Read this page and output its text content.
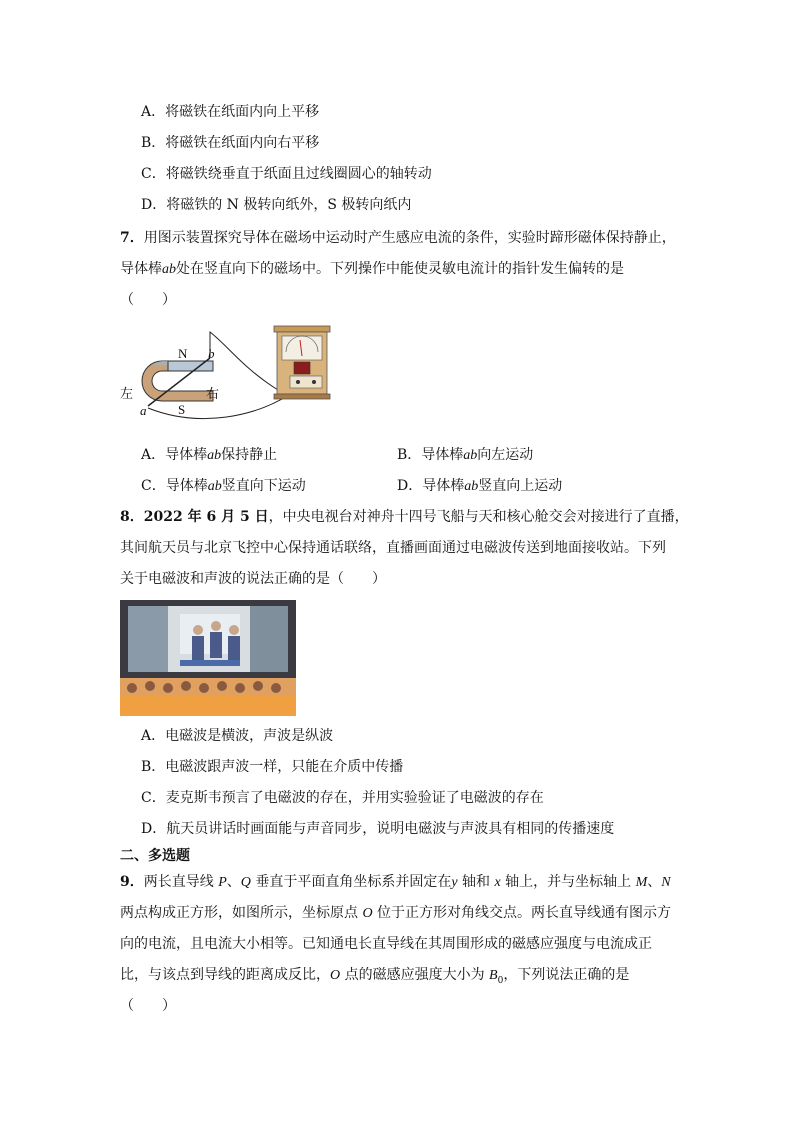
A．将磁铁在纸面内向上平移
B．将磁铁在纸面内向右平移
C．将磁铁绕垂直于纸面且过线圈圆心的轴转动
D．将磁铁的 N 极转向纸外，S 极转向纸内
7．用图示装置探究导体在磁场中运动时产生感应电流的条件，实验时蹄形磁体保持静止，
导体棒ab处在竖直向下的磁场中。下列操作中能使灵敏电流计的指针发生偏转的是
（　　）
N
S
左	右
a
b
A．导体棒ab保持静止	B．导体棒ab向左运动
C．导体棒ab竖直向下运动	D．导体棒ab竖直向上运动
8．2022 年 6 月 5 日，中央电视台对神舟十四号飞船与天和核心舱交会对接进行了直播，
其间航天员与北京飞控中心保持通话联络，直播画面通过电磁波传送到地面接收站。下列
关于电磁波和声波的说法正确的是（　　）
A．电磁波是横波，声波是纵波
B．电磁波跟声波一样，只能在介质中传播
C．麦克斯韦预言了电磁波的存在，并用实验验证了电磁波的存在
D．航天员讲话时画面能与声音同步，说明电磁波与声波具有相同的传播速度
二、多选题
9．两长直导线 P、Q 垂直于平面直角坐标系并固定在y 轴和 x 轴上，并与坐标轴上 M、N
两点构成正方形，如图所示，坐标原点 O 位于正方形对角线交点。两长直导线通有图示方
向的电流，且电流大小相等。已知通电长直导线在其周围形成的磁感应强度与电流成正
比，与该点到导线的距离成反比，O 点的磁感应强度大小为 $B_0$，下列说法正确的是
（　　）
